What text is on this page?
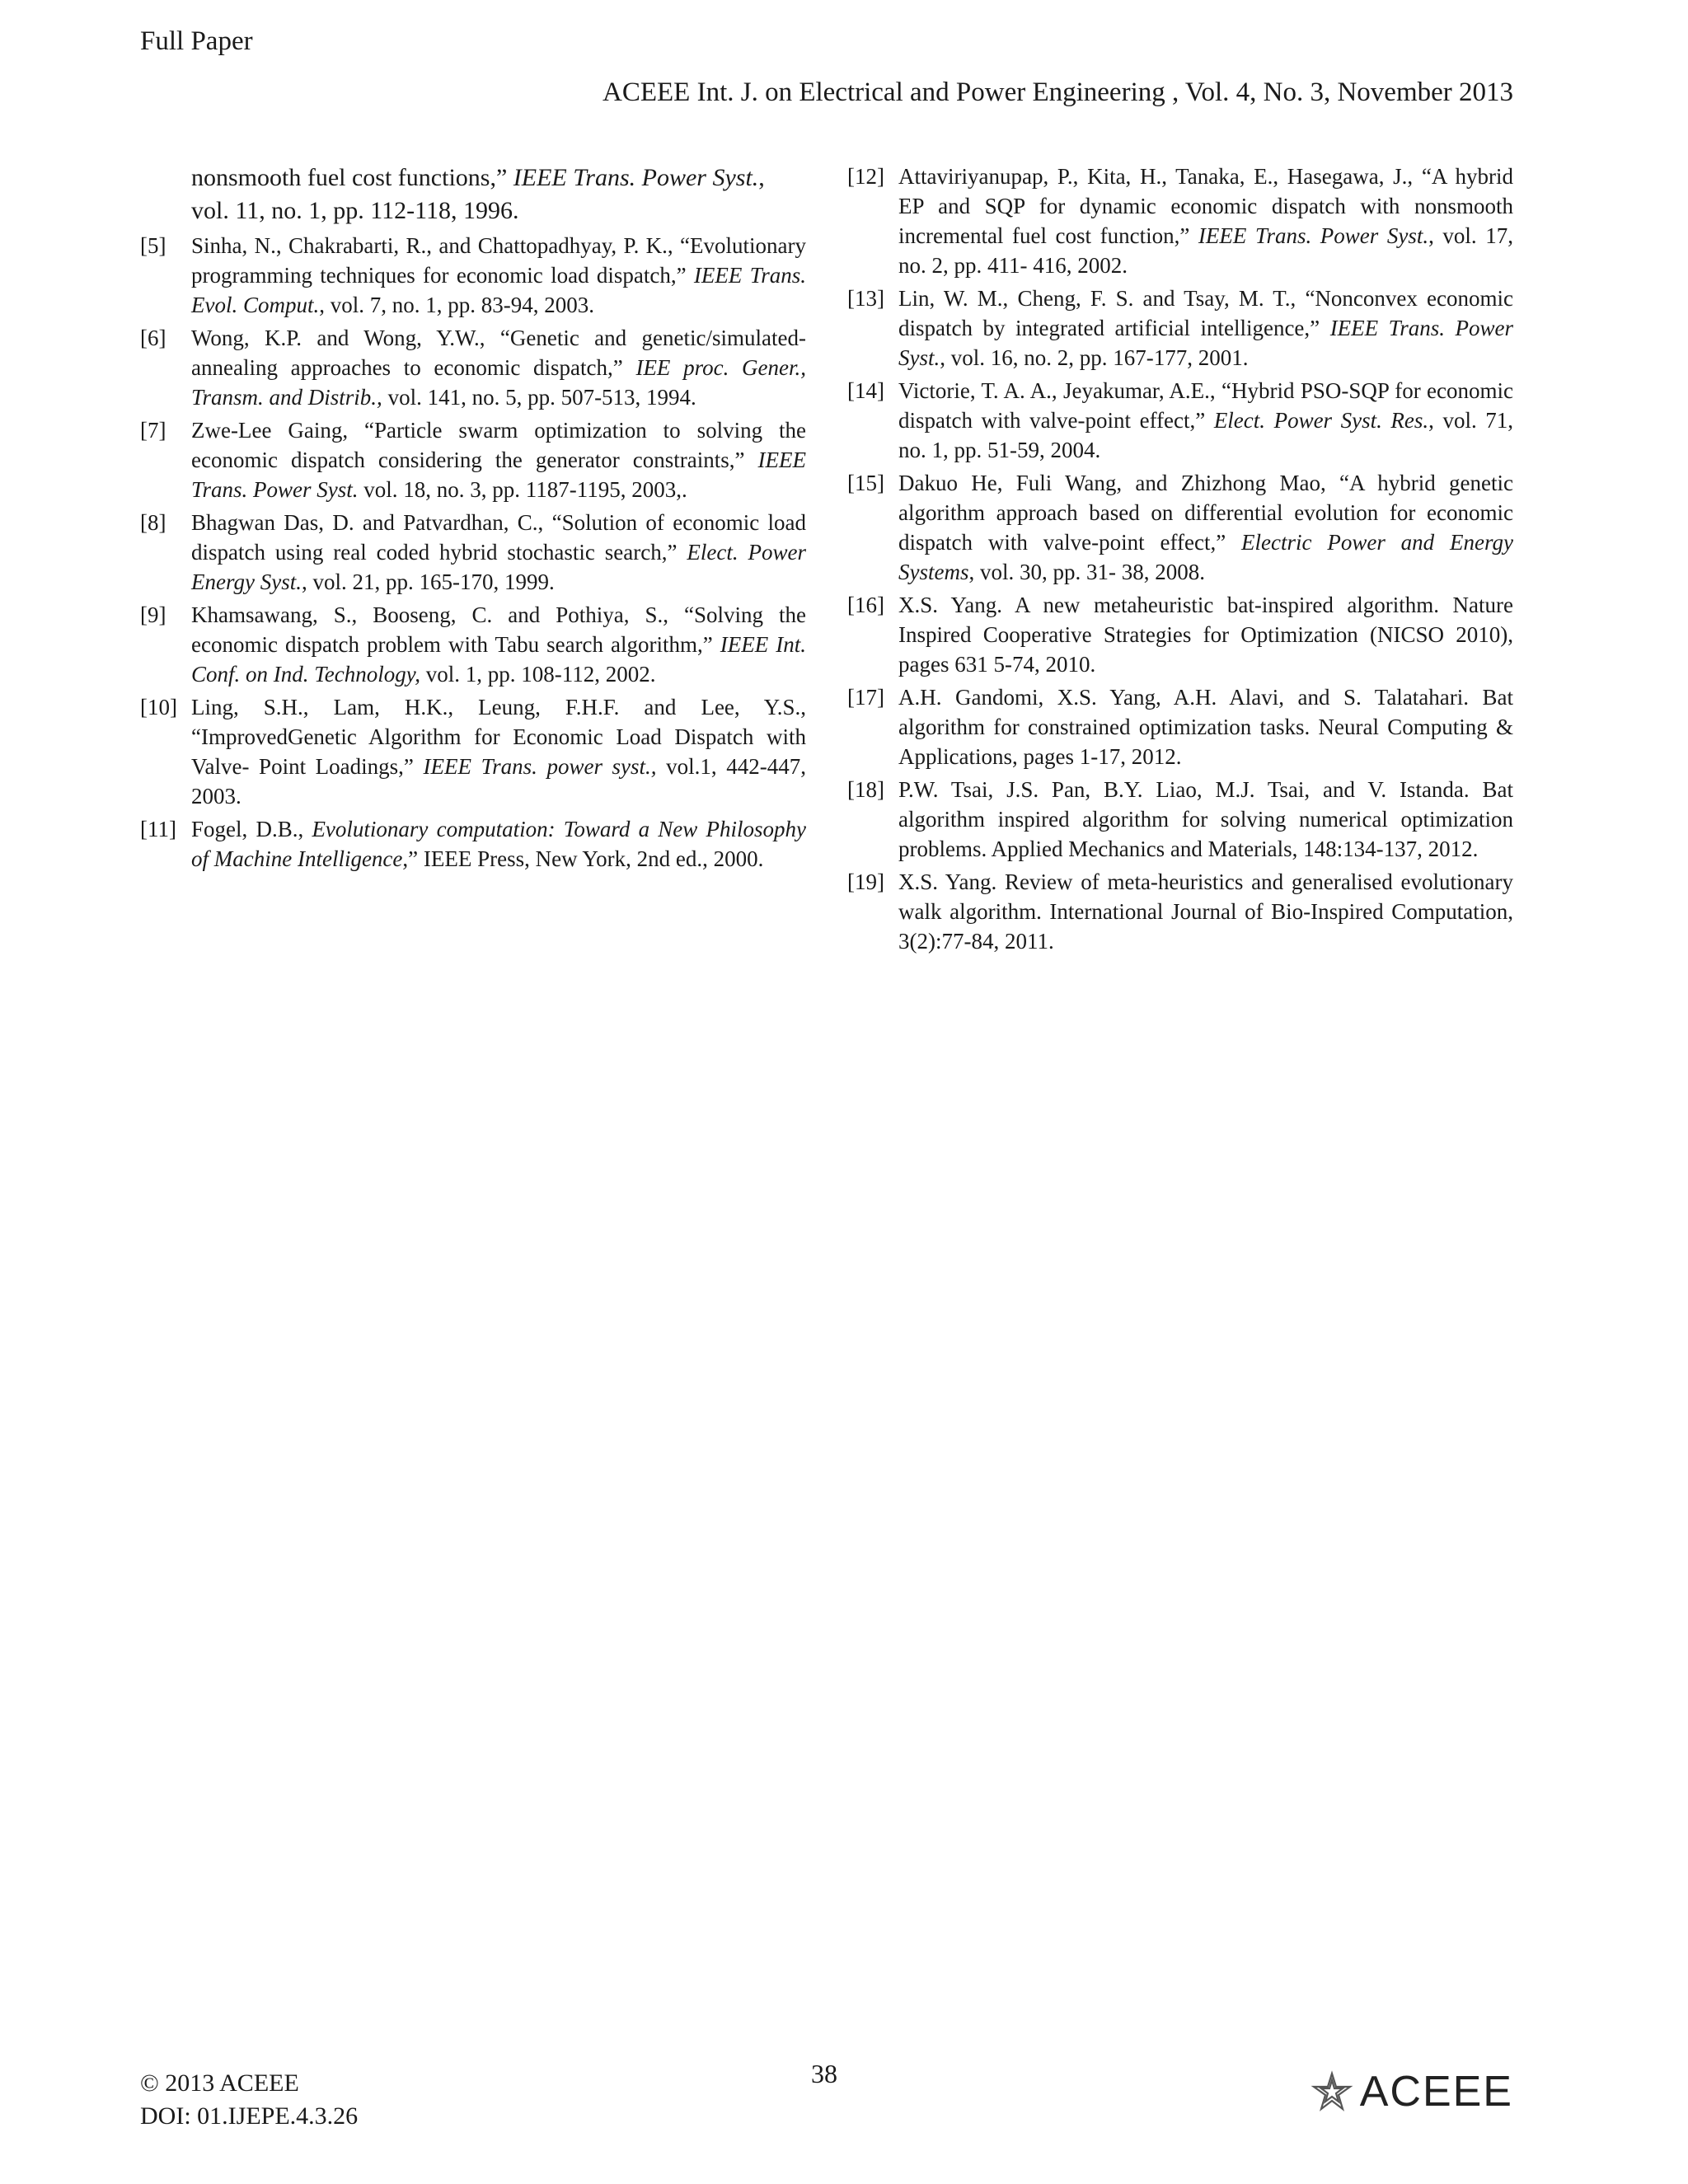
Full Paper
ACEEE Int. J. on Electrical and Power Engineering , Vol. 4, No. 3, November 2013
nonsmooth fuel cost functions,” IEEE Trans. Power Syst., vol. 11, no. 1, pp. 112-118, 1996.
[5] Sinha, N., Chakrabarti, R., and Chattopadhyay, P. K., “Evolutionary programming techniques for economic load dispatch,” IEEE Trans. Evol. Comput., vol. 7, no. 1, pp. 83-94, 2003.
[6] Wong, K.P. and Wong, Y.W., “Genetic and genetic/simulated-annealing approaches to economic dispatch,” IEE proc. Gener., Transm. and Distrib., vol. 141, no. 5, pp. 507-513, 1994.
[7] Zwe-Lee Gaing, “Particle swarm optimization to solving the economic dispatch considering the generator constraints,” IEEE Trans. Power Syst. vol. 18, no. 3, pp. 1187-1195, 2003,.
[8] Bhagwan Das, D. and Patvardhan, C., “Solution of economic load dispatch using real coded hybrid stochastic search,” Elect. Power Energy Syst., vol. 21, pp. 165-170, 1999.
[9] Khamsawang, S., Booseng, C. and Pothiya, S., “Solving the economic dispatch problem with Tabu search algorithm,” IEEE Int. Conf. on Ind. Technology, vol. 1, pp. 108-112, 2002.
[10] Ling, S.H., Lam, H.K., Leung, F.H.F. and Lee, Y.S., “ImprovedGenetic Algorithm for Economic Load Dispatch with Valve- Point Loadings,” IEEE Trans. power syst., vol.1, 442-447, 2003.
[11] Fogel, D.B., Evolutionary computation: Toward a New Philosophy of Machine Intelligence,” IEEE Press, New York, 2nd ed., 2000.
[12] Attaviriyanupap, P., Kita, H., Tanaka, E., Hasegawa, J., “A hybrid EP and SQP for dynamic economic dispatch with nonsmooth incremental fuel cost function,” IEEE Trans. Power Syst., vol. 17, no. 2, pp. 411- 416, 2002.
[13] Lin, W. M., Cheng, F. S. and Tsay, M. T., “Nonconvex economic dispatch by integrated artificial intelligence,” IEEE Trans. Power Syst., vol. 16, no. 2, pp. 167-177, 2001.
[14] Victorie, T. A. A., Jeyakumar, A.E., “Hybrid PSO-SQP for economic dispatch with valve-point effect,” Elect. Power Syst. Res., vol. 71, no. 1, pp. 51-59, 2004.
[15] Dakuo He, Fuli Wang, and Zhizhong Mao, “A hybrid genetic algorithm approach based on differential evolution for economic dispatch with valve-point effect,” Electric Power and Energy Systems, vol. 30, pp. 31- 38, 2008.
[16] X.S. Yang. A new metaheuristic bat-inspired algorithm. Nature Inspired Cooperative Strategies for Optimization (NICSO 2010), pages 631 5-74, 2010.
[17] A.H. Gandomi, X.S. Yang, A.H. Alavi, and S. Talatahari. Bat algorithm for constrained optimization tasks. Neural Computing & Applications, pages 1-17, 2012.
[18] P.W. Tsai, J.S. Pan, B.Y. Liao, M.J. Tsai, and V. Istanda. Bat algorithm inspired algorithm for solving numerical optimization problems. Applied Mechanics and Materials, 148:134-137, 2012.
[19] X.S. Yang. Review of meta-heuristics and generalised evolutionary walk algorithm. International Journal of Bio-Inspired Computation, 3(2):77-84, 2011.
© 2013 ACEEE
DOI: 01.IJEPE.4.3.26
38	ACEEE
